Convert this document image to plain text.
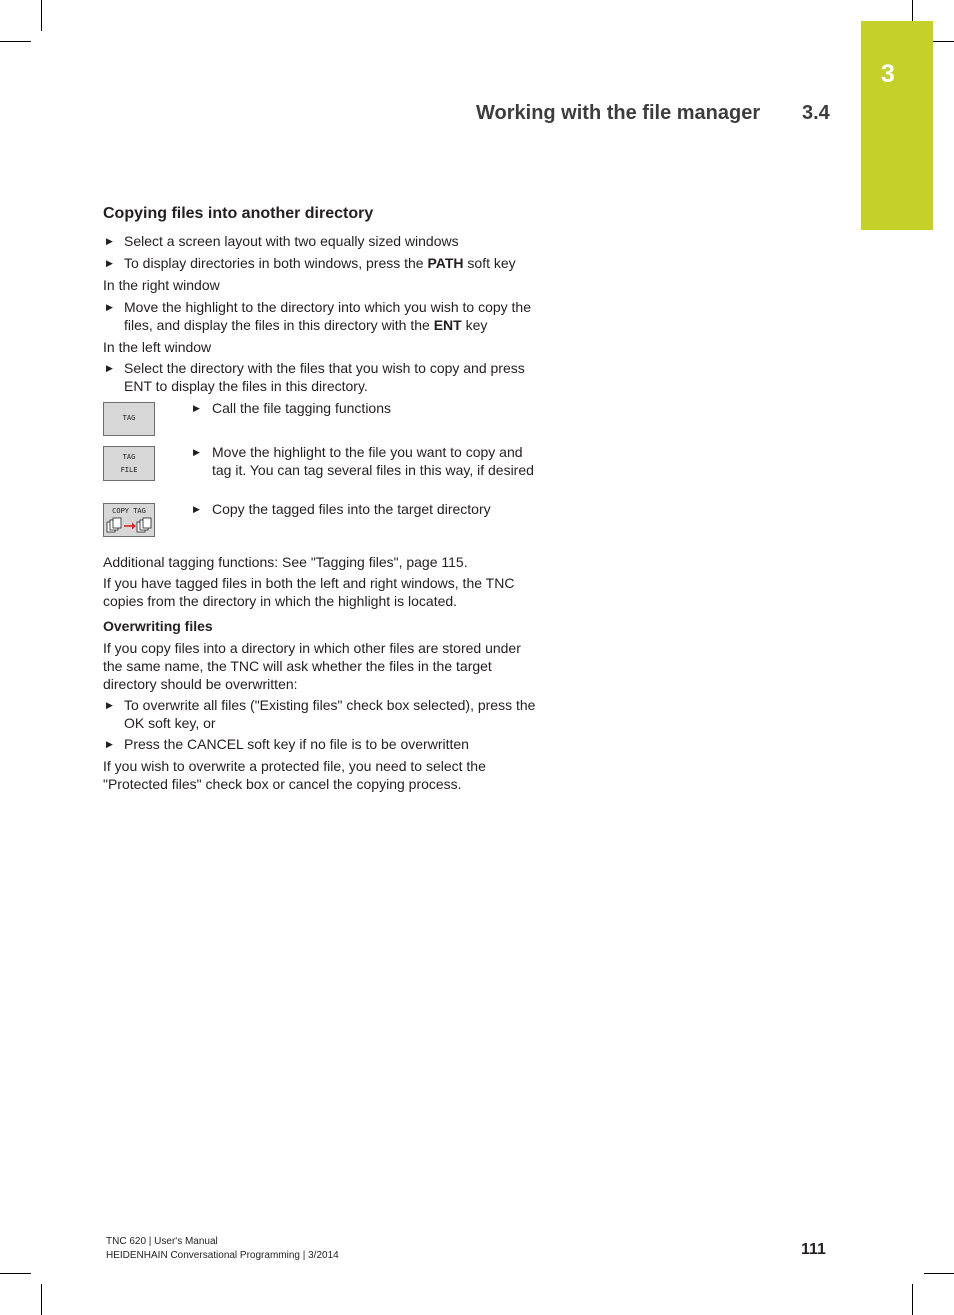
3
Working with the file manager 3.4
Copying files into another directory
▶ Select a screen layout with two equally sized windows
▶ To display directories in both windows, press the PATH soft key
In the right window
▶ Move the highlight to the directory into which you wish to copy the files, and display the files in this directory with the ENT key
In the left window
▶ Select the directory with the files that you wish to copy and press ENT to display the files in this directory.
TAG
▶ Call the file tagging functions
TAG
FILE
▶ Move the highlight to the file you want to copy and tag it. You can tag several files in this way, if desired
COPY TAG	▶ Copy the tagged files into the target directory
Additional tagging functions: See "Tagging files", page 115.
If you have tagged files in both the left and right windows, the TNC copies from the directory in which the highlight is located.
Overwriting files
If you copy files into a directory in which other files are stored under the same name, the TNC will ask whether the files in the target directory should be overwritten:
▶ To overwrite all files ("Existing files" check box selected), press the OK soft key, or
▶ Press the CANCEL soft key if no file is to be overwritten
If you wish to overwrite a protected file, you need to select the "Protected files" check box or cancel the copying process.
TNC 620 | User's Manual
HEIDENHAIN Conversational Programming | 3/2014	111
